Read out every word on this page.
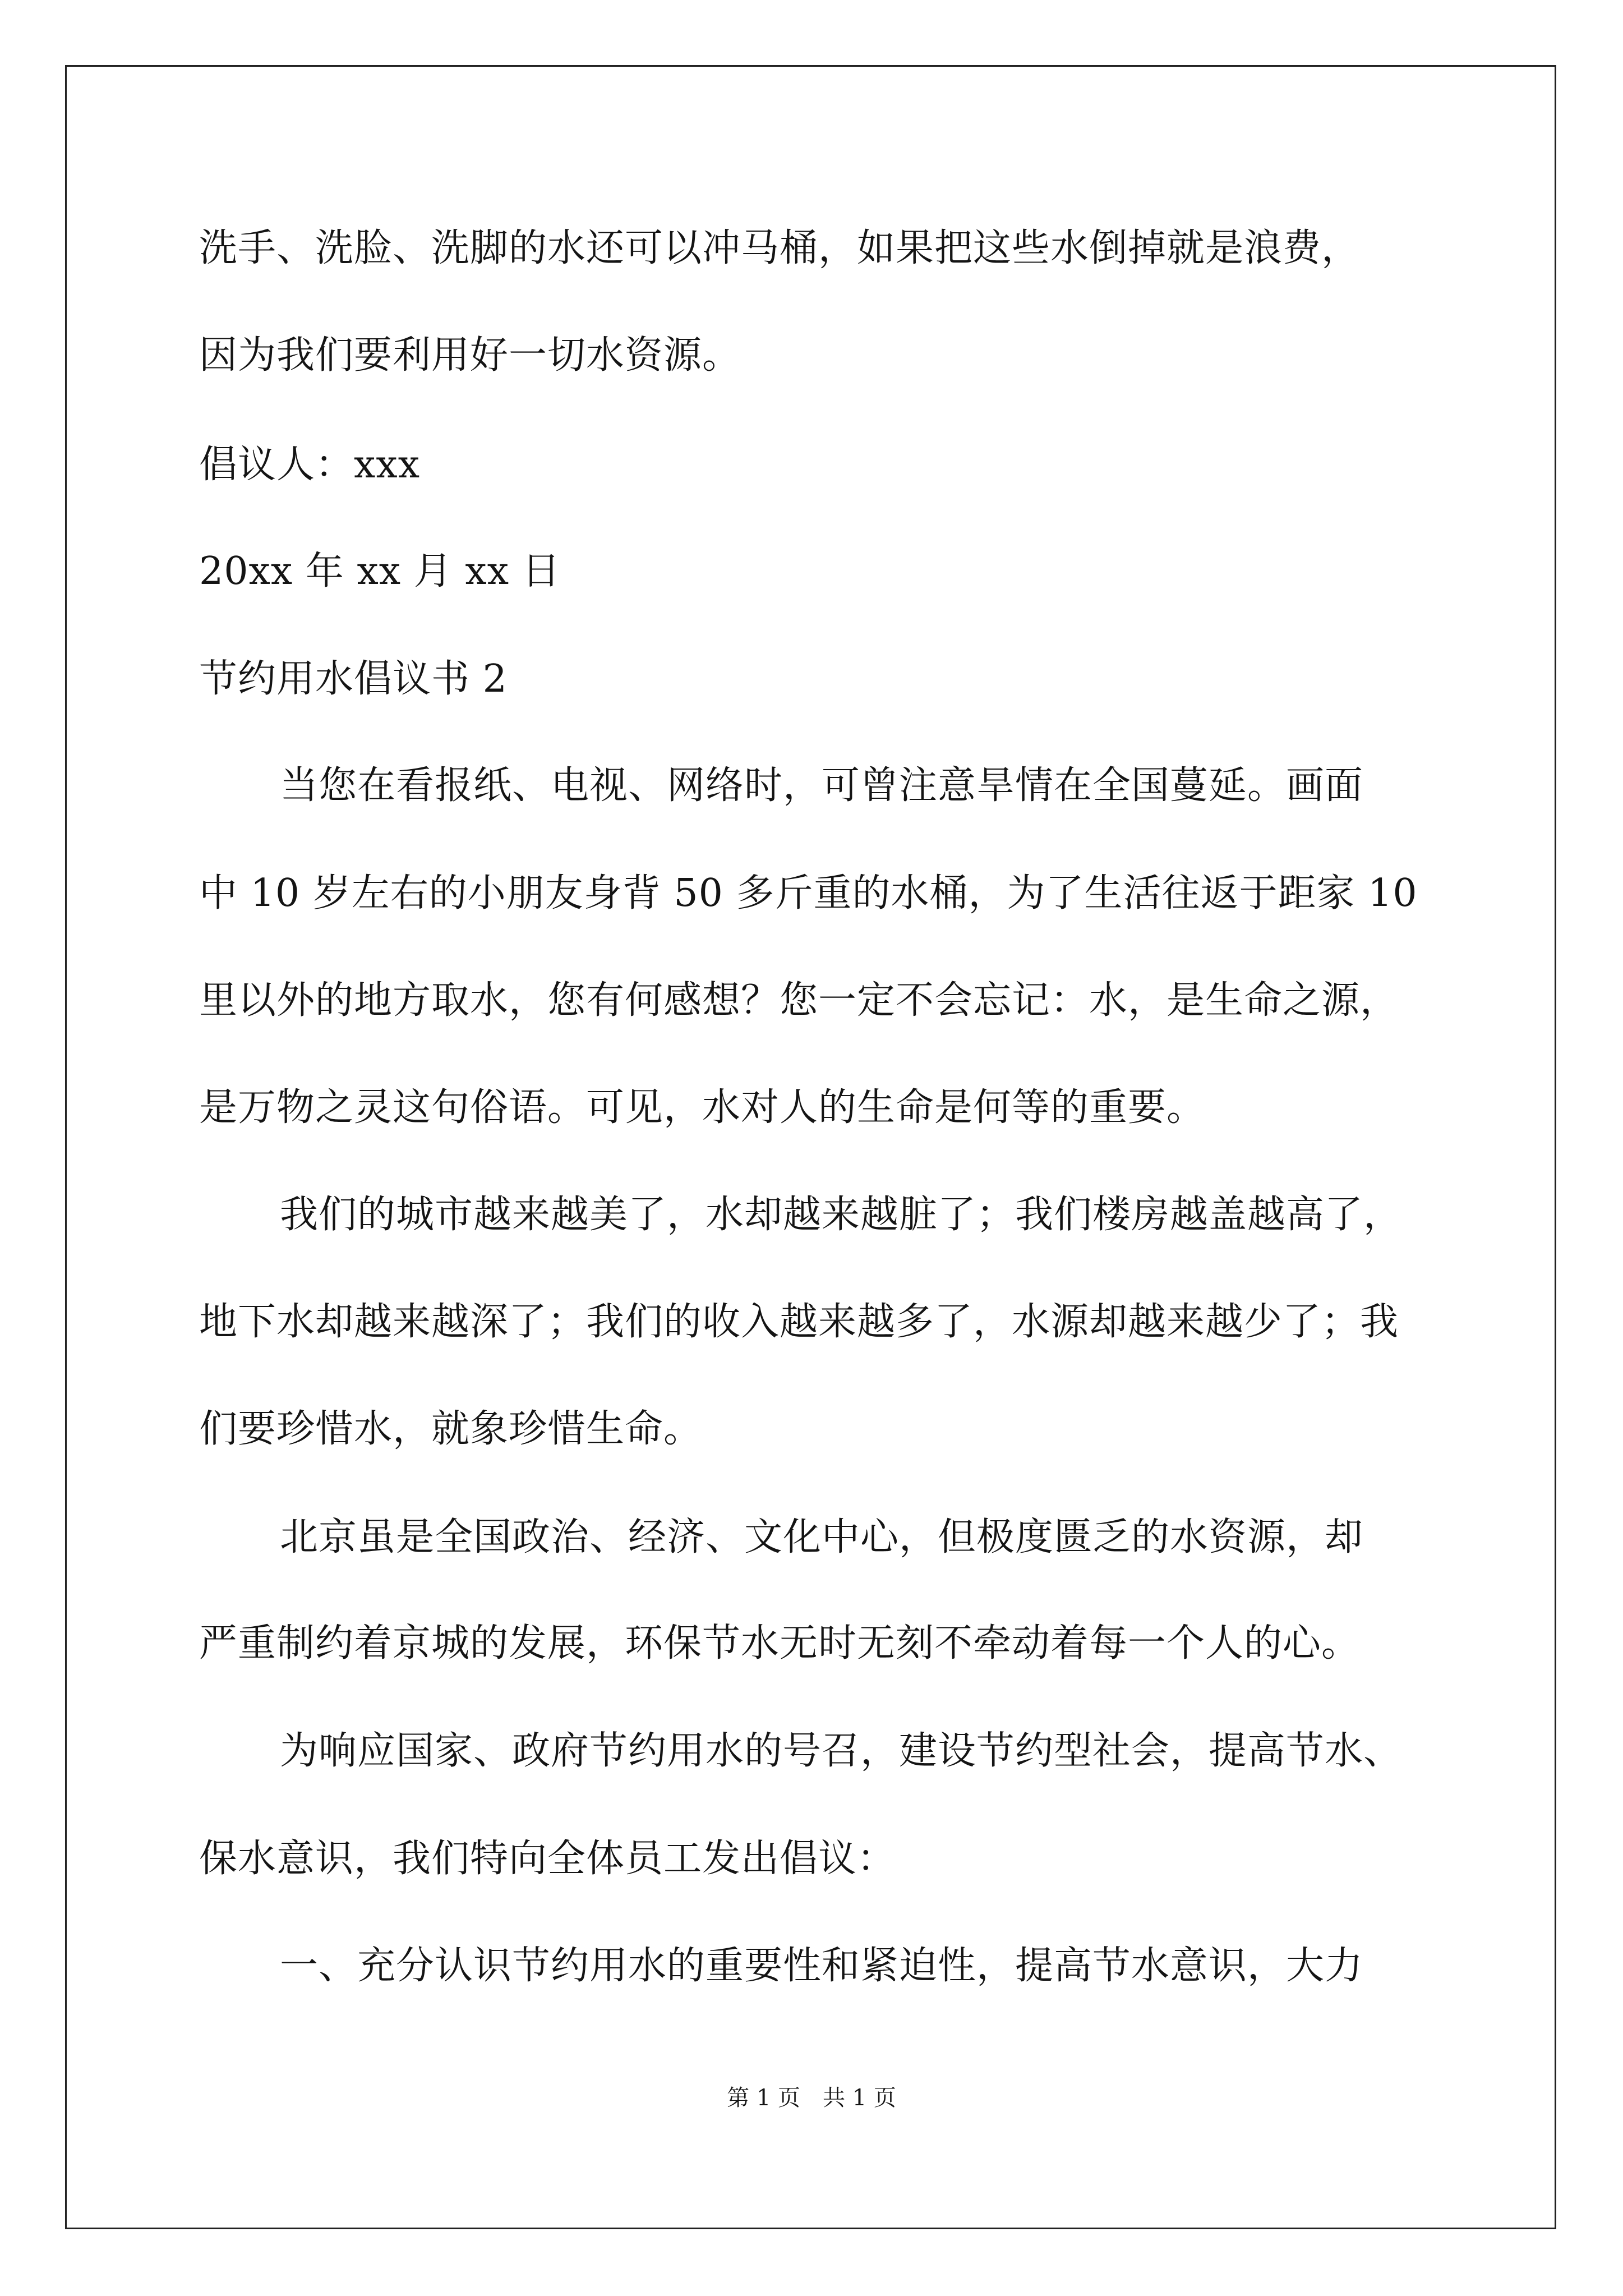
洗手、洗脸、洗脚的水还可以冲马桶，如果把这些水倒掉就是浪费，
因为我们要利用好一切水资源。
倡议人：xxx
20xx 年 xx 月 xx 日
节约用水倡议书 2
当您在看报纸、电视、网络时，可曾注意旱情在全国蔓延。画面
中 10 岁左右的小朋友身背 50 多斤重的水桶，为了生活往返于距家 10
里以外的地方取水，您有何感想？您一定不会忘记：水，是生命之源，
是万物之灵这句俗语。可见，水对人的生命是何等的重要。
我们的城市越来越美了，水却越来越脏了；我们楼房越盖越高了，
地下水却越来越深了；我们的收入越来越多了，水源却越来越少了；我
们要珍惜水，就象珍惜生命。
北京虽是全国政治、经济、文化中心，但极度匮乏的水资源，却
严重制约着京城的发展，环保节水无时无刻不牵动着每一个人的心。
为响应国家、政府节约用水的号召，建设节约型社会，提高节水、
保水意识，我们特向全体员工发出倡议：
一、充分认识节约用水的重要性和紧迫性，提高节水意识，大力
第 1 页　共 1 页
